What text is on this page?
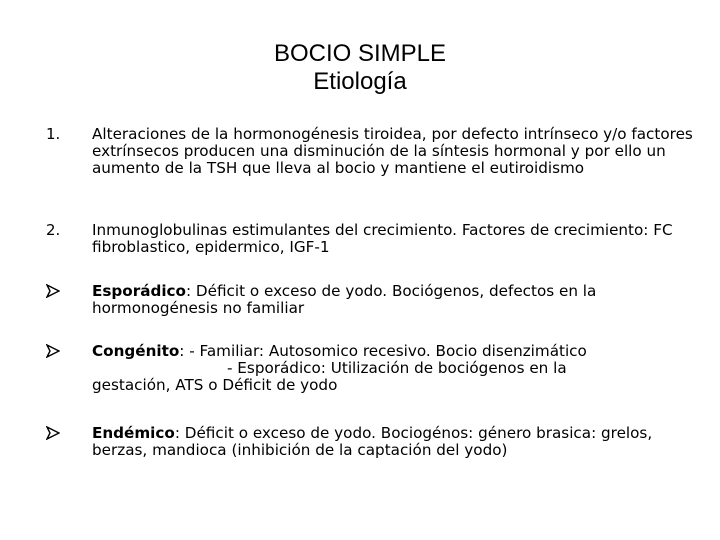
BOCIO SIMPLE
Etiología
1. Alteraciones de la hormonogénesis tiroidea, por defecto intrínseco y/o factores extrínsecos producen una disminución de la síntesis hormonal y por ello un aumento de la TSH que lleva al bocio y mantiene el eutiroidismo
2. Inmunoglobulinas estimulantes del crecimiento. Factores de crecimiento: FC fibroblastico, epidermico, IGF-1
Esporádico: Déficit o exceso de yodo. Bociógenos, defectos en la hormonogénesis no familiar
Congénito: - Familiar: Autosomico recesivo. Bocio disenzimático
- Esporádico: Utilización de bociógenos en la
gestación, ATS o Déficit de yodo
Endémico: Déficit o exceso de yodo. Bociogénos: género brasica: grelos, berzas, mandioca (inhibición de la captación del yodo)
